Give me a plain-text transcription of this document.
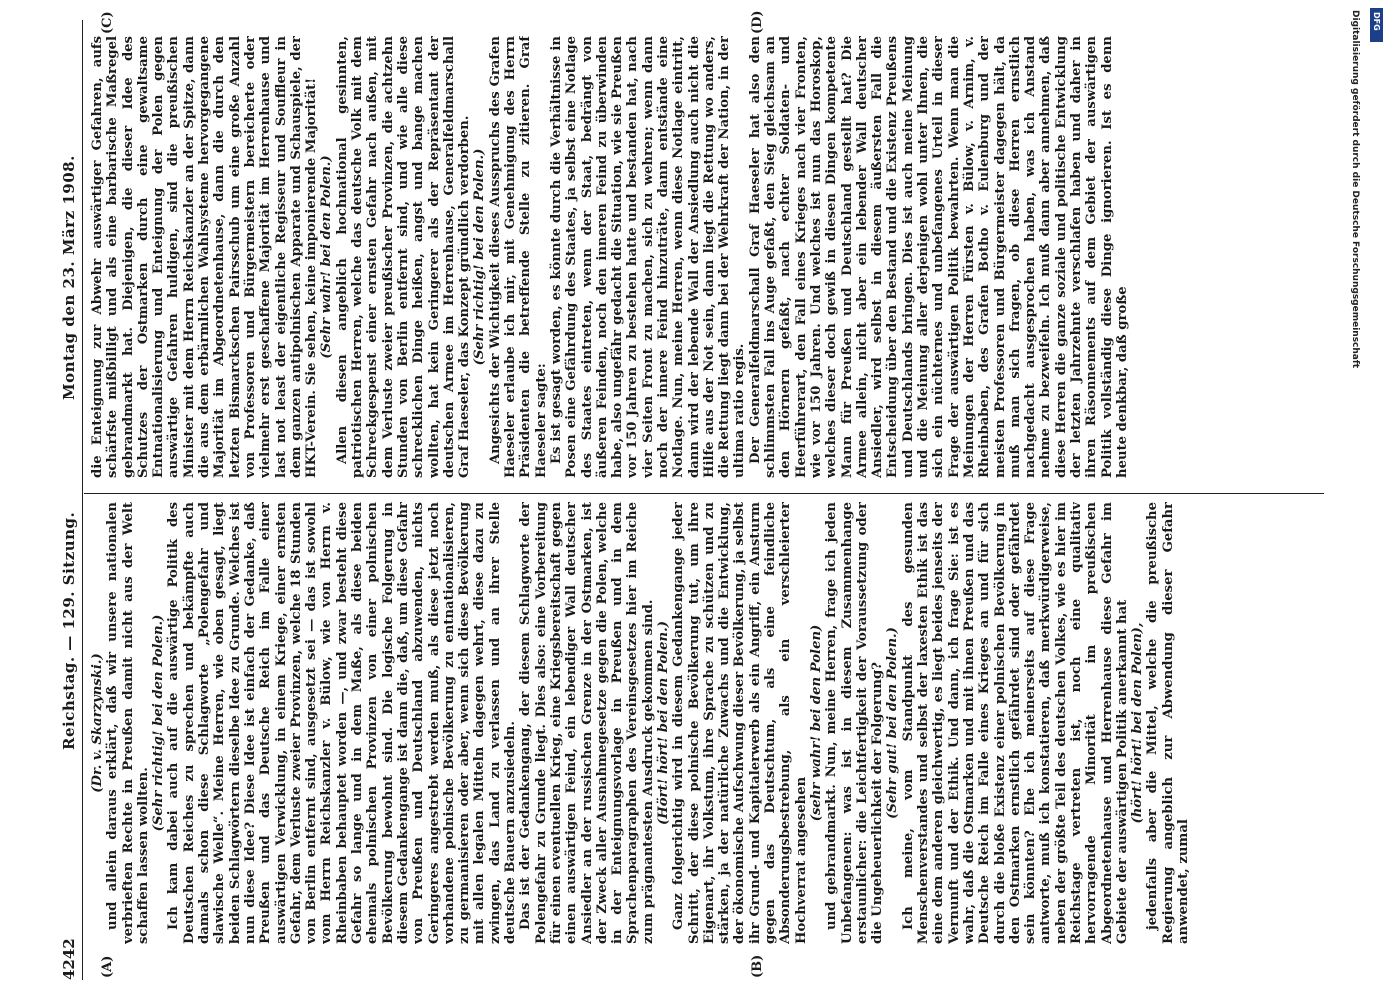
4242
Reichstag. — 129. Sitzung.
Montag den 23. März 1908.
(A)	(B)
(C)	(D)

(Dr. v. Skarzynski.) und allein daraus erklärt, daß wir unsere nationalen verbrieften Rechte in Preußen damit nicht aus der Welt schaffen lassen wollten.

(Sehr richtig! bei den Polen.) Ich kam dabei auch auf die auswärtige Politik des Deutschen Reiches zu sprechen und bekämpfte auch damals schon diese Schlagworte „Polengefahr und slawische Welle“. Meine Herren, wie oben gesagt, liegt beiden Schlagwörtern dieselbe Idee zu Grunde. Welches ist nun diese Idee? Diese Idee ist einfach der Gedanke, daß Preußen und das Deutsche Reich im Falle einer auswärtigen Verwicklung, in einem Kriege, einer ernsten Gefahr, dem Verluste zweier Provinzen, welche 18 Stunden von Berlin entfernt sind, ausgesetzt sei — das ist sowohl vom Herrn Reichskanzler v. Bülow, wie von Herrn v. Rheinbaben behauptet worden —, und zwar besteht diese Gefahr so lange und in dem Maße, als diese beiden ehemals polnischen Provinzen von einer polnischen Bevölkerung bewohnt sind. Die logische Folgerung in diesem Gedankengange ist dann die, daß, um diese Gefahr von Preußen und Deutschland abzuwenden, nichts Geringeres angestrebt werden muß, als diese jetzt noch vorhandene polnische Bevölkerung zu entnationalisieren, zu germanisieren oder aber, wenn sich diese Bevölkerung mit allen legalen Mitteln dagegen wehrt, diese dazu zu zwingen, das Land zu verlassen und an ihrer Stelle deutsche Bauern anzusiedeln. Das ist der Gedankengang, der diesem Schlagworte der Polengefahr zu Grunde liegt. Dies also: eine Vorbereitung für einen eventuellen Krieg, eine Kriegsbereitschaft gegen einen auswärtigen Feind, ein lebendiger Wall deutscher Ansiedler an der russischen Grenze in der Ostmarken, ist der Zweck aller Ausnahmegesetze gegen die Polen, welche in der Enteignungsvorlage in Preußen und in dem Sprachenparagraphen des Vereinsgesetzes hier im Reiche zum prägnantesten Ausdruck gekommen sind. (Hört! hört! bei den Polen.) Ganz folgerichtig wird in diesem Gedankengange jeder Schritt, der diese polnische Bevölkerung tut, um ihre Eigenart, ihr Volkstum, ihre Sprache zu schützen und zu stärken, ja der natürliche Zuwachs und die Entwicklung, der ökonomische Aufschwung dieser Bevölkerung, ja selbst ihr Grund- und Kapitalerwerb als ein Angriff, ein Ansturm gegen das Deutschtum, als eine feindliche Absonderungsbestrebung, als ein verschleierter Hochverrat angesehen

(sehr wahr! bei den Polen) und gebrandmarkt. Nun, meine Herren, frage ich jeden Unbefangenen: was ist in diesem Zusammenhange erstaunlicher: die Leichtfertigkeit der Voraussetzung oder die Ungeheuerlichkeit der Folgerung? (Sehr gut! bei den Polen.) Ich meine, vom Standpunkt des gesunden Menschenverstandes und selbst der laxesten Ethik ist das eine dem anderen gleichwertig, es liegt beides jenseits der Vernunft und der Ethik. Und dann, ich frage Sie: ist es wahr, daß die Ostmarken und mit ihnen Preußen und das Deutsche Reich im Falle eines Krieges an und für sich durch die bloße Existenz einer polnischen Bevölkerung in den Ostmarken ernstlich gefährdet sind oder gefährdet sein könnten? Ehe ich meinerseits auf diese Frage antworte, muß ich konstatieren, daß merkwürdigerweise, neben der größte Teil des deutschen Volkes, wie es hier im Reichstage vertreten ist, noch eine qualitativ hervorragende Minorität im preußischen Abgeordnetenhause und Herrenhause diese Gefahr im Gebiete der auswärtigen Politik anerkannt hat (hört! hört! bei den Polen), jedenfalls aber die Mittel, welche die preußische Regierung angeblich zur Abwendung dieser Gefahr anwendet, zumal

die Enteignung zur Abwehr auswärtiger Gefahren, aufs schärfste mißbilligt und als eine barbarische Maßregel gebrandmarkt hat. Diejenigen, die dieser Idee des Schutzes der Ostmarken durch eine gewaltsame Entnationalisierung und Enteignung der Polen gegen auswärtige Gefahren huldigen, sind die preußischen Minister mit dem Herrn Reichskanzler an der Spitze, dann die aus dem erbärmlichen Wahlsysteme hervorgegangene Majorität im Abgeordnetenhause, dann die durch den letzten Bismarckschen Pairsschub um eine große Anzahl von Professoren und Bürgermeistern bereicherte oder vielmehr erst geschaffene Majorität im Herrenhause und last not least der eigentliche Regisseur und Souffleur in dem ganzen antipolnischen Apparate und Schauspiele, der HKT-Verein. Sie sehen, keine imponierende Majorität! (Sehr wahr! bei den Polen.) Allen diesen angeblich hochnational gesinnten, patriotischen Herren, welche das deutsche Volk mit dem Schreckgespenst einer ernsten Gefahr nach außen, mit dem Verluste zweier preußischer Provinzen, die achtzehn Stunden von Berlin entfernt sind, und wie alle diese schrecklichen Dinge heißen, angst und bange machen wollten, hat kein Geringerer als der Repräsentant der deutschen Armee im Herrenhause, Generalfeldmarschall Graf Haeseler, das Konzept gründlich verdorben. (Sehr richtig! bei den Polen.) Angesichts der Wichtigkeit dieses Ausspruchs des Grafen Haeseler erlaube ich mir, mit Genehmigung des Herrn Präsidenten die betreffende Stelle zu zitieren. Graf Haeseler sagte: Es ist gesagt worden, es könnte durch die Verhältnisse in Posen eine Gefährdung des Staates, ja selbst eine Notlage des Staates eintreten, wenn der Staat, bedrängt von äußeren Feinden, noch den inneren Feind zu überwinden habe, also ungefähr gedacht die Situation, wie sie Preußen vor 150 Jahren zu bestehen hatte und bestanden hat, nach vier Seiten Front zu machen, sich zu wehren; wenn dann noch der innere Feind hinzuträte, dann entstände eine Notlage. Nun, meine Herren, wenn diese Notlage eintritt, dann wird der lebende Wall der Ansiedlung auch nicht die Hilfe aus der Not sein, dann liegt die Rettung wo anders, die Rettung liegt dann bei der Wehrkraft der Nation, in der ultima ratio regis. Der Generalfeldmarschall Graf Haeseler hat also den schlimmsten Fall ins Auge gefaßt, den Sieg gleichsam an den Hörnern gefaßt, nach echter Soldaten- und Heerführerart, den Fall eines Krieges nach vier Fronten, wie vor 150 Jahren. Und welches ist nun das Horoskop, welches dieser doch gewiß in diesen Dingen kompetente Mann für Preußen und Deutschland gestellt hat? Die Armee allein, nicht aber ein lebender Wall deutscher Ansiedler, wird selbst in diesem äußersten Fall die Entscheidung über den Bestand und die Existenz Preußens und Deutschlands bringen. Dies ist auch meine Meinung und die Meinung aller derjenigen wohl unter Ihnen, die sich ein nüchternes und unbefangenes Urteil in dieser Frage der auswärtigen Politik bewahrten. Wenn man die Meinungen der Herren Fürsten v. Bülow, v. Arnim, v. Rheinbaben, des Grafen Botho v. Eulenburg und der meisten Professoren und Bürgermeister dagegen hält, da muß man sich fragen, ob diese Herren ernstlich nachgedacht ausgesprochen haben, was ich Anstand nehme zu bezweifeln. Ich muß dann aber annehmen, daß diese Herren die ganze soziale und politische Entwicklung der letzten Jahrzehnte verschlafen haben und daher in ihren Räsonnements auf dem Gebiet der auswärtigen Politik vollständig diese Dinge ignorieren. Ist es denn heute denkbar, daß große

Digitalisierung gefördert durch die Deutsche Forschungsgemeinschaft DFG
